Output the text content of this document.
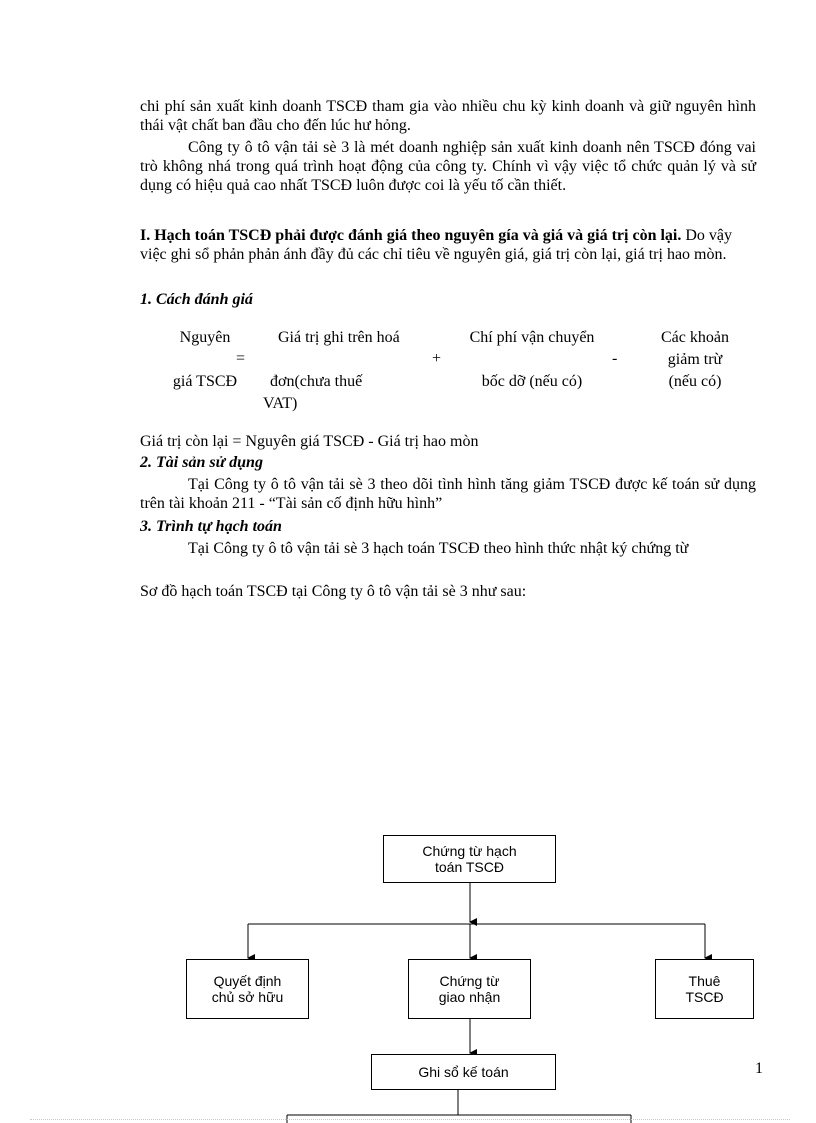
chi phí sản xuất kinh doanh TSCĐ tham gia vào nhiều chu kỳ kinh doanh và giữ nguyên hình thái vật chất ban đầu cho đến lúc hư hỏng.

Công ty ô tô vận tải sè 3 là mét doanh nghiệp sản xuất kinh doanh nên TSCĐ đóng vai trò không nhá trong quá trình hoạt động của công ty. Chính vì vậy việc tổ chức quản lý và sử dụng có hiệu quả cao nhất TSCĐ luôn được coi là yếu tố cần thiết.

I. Hạch toán TSCĐ phải được đánh giá theo nguyên gía và giá và giá trị còn lại. Do vậy việc ghi sổ phản phản ánh đầy đủ các chỉ tiêu về nguyên giá, giá trị còn lại, giá trị hao mòn.

1. Cách đánh giá

Nguyên
=
giá TSCĐ
Giá trị ghi trên hoá
đơn(chưa thuế
VAT)
+
Chí phí vận chuyển
bốc dỡ (nếu có)
-
Các khoản
giảm trừ
(nếu có)

Giá trị còn lại = Nguyên giá TSCĐ - Giá trị hao mòn

2. Tài sản sử dụng

Tại Công ty ô tô vận tải sè 3 theo dõi tình hình tăng giảm TSCĐ được kế toán sử dụng trên tài khoản 211 - “Tài sản cố định hữu hình”

3. Trình tự hạch toán

Tại Công ty ô tô vận tải sè 3 hạch toán TSCĐ theo hình thức nhật ký chứng từ

Sơ đồ hạch toán TSCĐ tại Công ty ô tô vận tải sè 3 như sau:

Chứng từ hạch
toán TSCĐ
Quyết định
chủ sở hữu
Chứng từ
giao nhận
Thuê
TSCĐ
Ghi sổ kế toán	1
